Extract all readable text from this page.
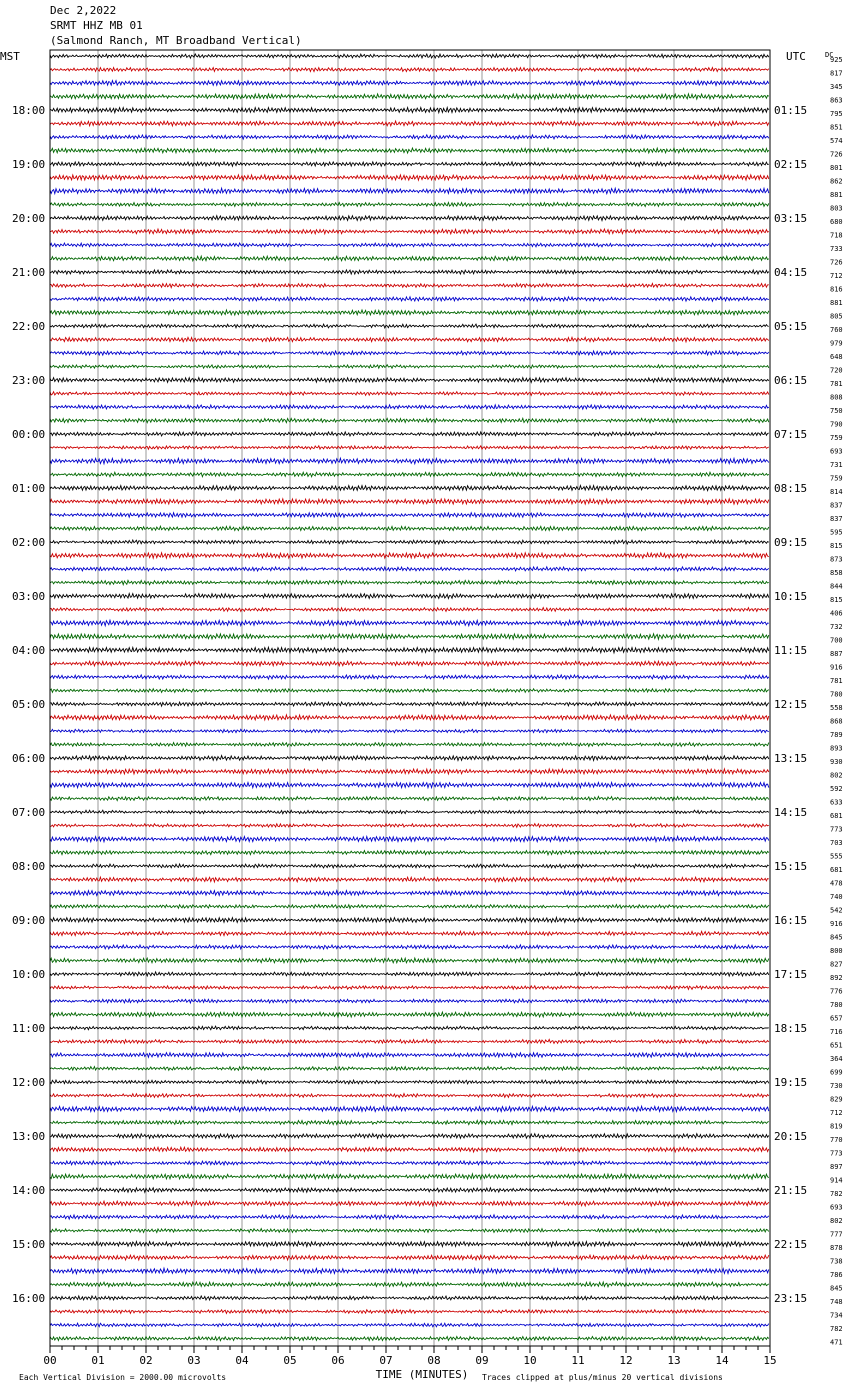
Dec 2,2022
SRMT HHZ MB 01
(Salmond Ranch, MT Broadband Vertical)
MST	UTC	DC
TIME (MINUTES)
Each Vertical Division = 2000.00 microvolts	Traces clipped at plus/minus 20 vertical divisions
00	01	02	03	04	05	06	07	08	09	10	11	12	13	14	15
925
817
345
863
795
18:00	01:15
851
574
726
801
19:00	02:15
862
881
803
680
20:00	03:15
718
733
726
712
21:00	04:15
816
881
805
760
22:00	05:15
979
648
720
781
23:00	06:15
808
750
790
759
00:00	07:15
693
731
759
814
01:00	08:15
837
837
595
815
02:00	09:15
873
858
844
815
03:00	10:15
406
732
700
887
04:00	11:15
916
781
780
558
05:00	12:15
868
789
893
930
06:00	13:15
802
592
633
681
07:00	14:15
773
703
555
681
08:00	15:15
478
740
542
916
09:00	16:15
845
800
827
892
10:00	17:15
776
780
657
716
11:00	18:15
651
364
699
730
12:00	19:15
829
712
819
770
13:00	20:15
773
897
914
782
14:00	21:15
693
802
777
878
15:00	22:15
738
786
845
748
16:00	23:15
734
782
471
